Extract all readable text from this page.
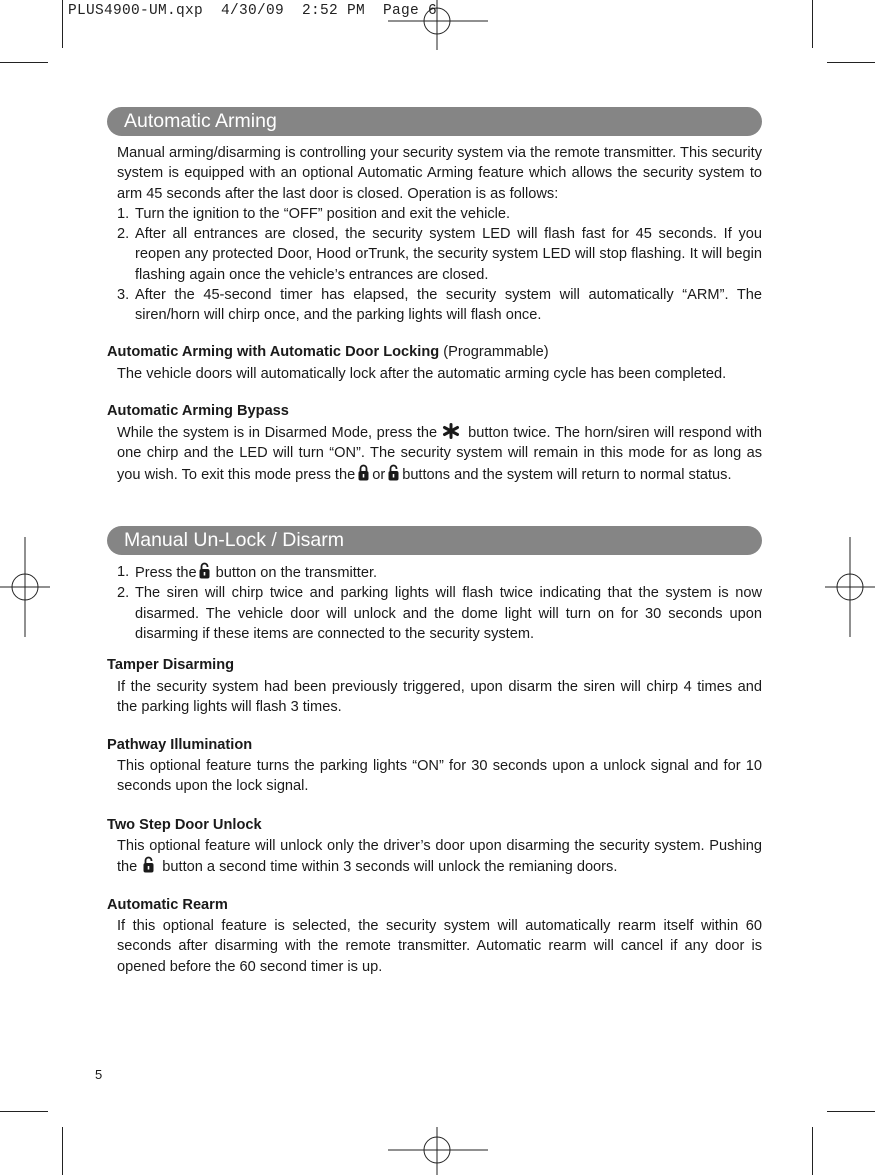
PLUS4900-UM.qxp  4/30/09  2:52 PM  Page 6
Automatic Arming

Manual arming/disarming is controlling your security system via the remote transmitter. This security system is equipped with an optional Automatic Arming feature which allows the security system to arm 45 seconds after the last door is closed. Operation is as follows:

1. Turn the ignition to the “OFF” position and exit the vehicle.
2. After all entrances are closed, the security system LED will flash fast for 45 seconds. If you reopen any protected Door, Hood orTrunk, the security system LED will stop flashing. It will begin flashing again once the vehicle’s entrances are closed.
3. After the 45-second timer has elapsed, the security system will automatically “ARM”. The siren/horn will chirp once, and the parking lights will flash once.
Automatic Arming with Automatic Door Locking (Programmable)

The vehicle doors will automatically lock after the automatic arming cycle has been completed.

Automatic Arming Bypass

While the system is in Disarmed Mode, press the button twice. The horn/siren will respond with one chirp and the LED will turn “ON”. The security system will remain in this mode for as long as you wish. To exit this mode press the or buttons and the system will return to normal status.

Manual Un-Lock / Disarm
1. Press the button on the transmitter.
2. The siren will chirp twice and parking lights will flash twice indicating that the system is now disarmed. The vehicle door will unlock and the dome light will turn on for 30 seconds upon disarming if these items are connected to the security system.
Tamper Disarming

If the security system had been previously triggered, upon disarm the siren will chirp 4 times and the parking lights will flash 3 times.

Pathway Illumination

This optional feature turns the parking lights “ON” for 30 seconds upon a unlock signal and for 10 seconds upon the lock signal.

Two Step Door Unlock

This optional feature will unlock only the driver’s door upon disarming the security system. Pushing the button a second time within 3 seconds will unlock the remianing doors.

Automatic Rearm

If this optional feature is selected, the security system will automatically rearm itself within 60 seconds after disarming with the remote transmitter. Automatic rearm will cancel if any door is opened before the 60 second timer is up.

5
